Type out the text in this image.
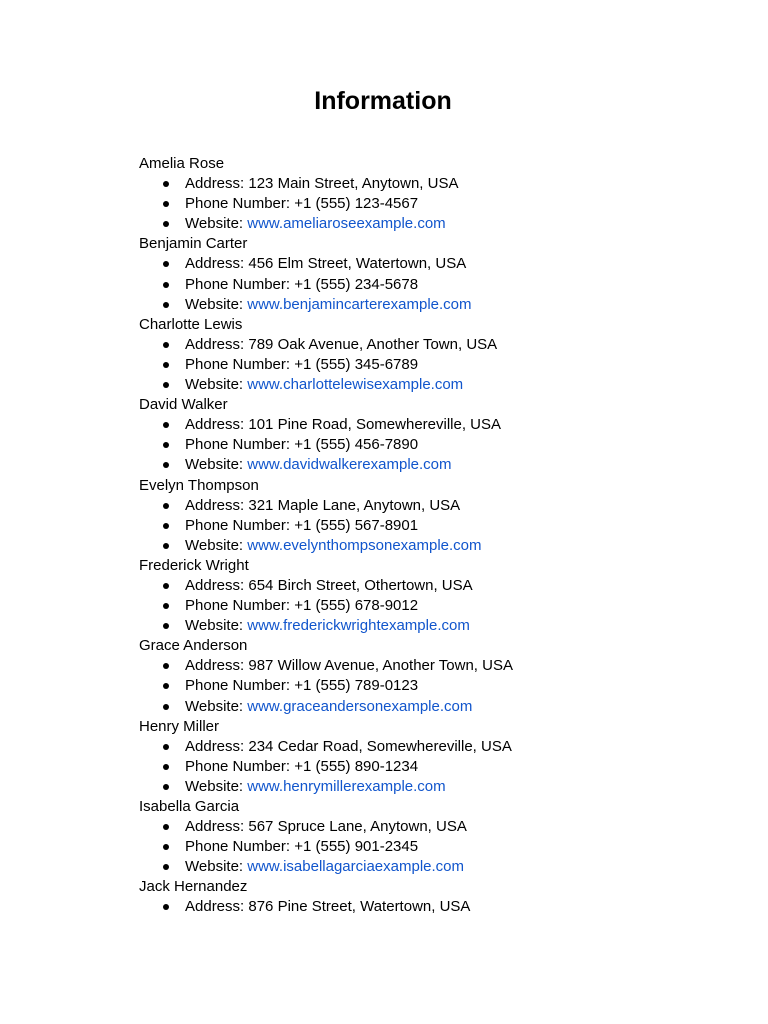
Information
Amelia Rose
Address: 123 Main Street, Anytown, USA
Phone Number: +1 (555) 123-4567
Website: www.ameliaroseexample.com
Benjamin Carter
Address: 456 Elm Street, Watertown, USA
Phone Number: +1 (555) 234-5678
Website: www.benjamincarterexample.com
Charlotte Lewis
Address: 789 Oak Avenue, Another Town, USA
Phone Number: +1 (555) 345-6789
Website: www.charlottelewisexample.com
David Walker
Address: 101 Pine Road, Somewhereville, USA
Phone Number: +1 (555) 456-7890
Website: www.davidwalkerexample.com
Evelyn Thompson
Address: 321 Maple Lane, Anytown, USA
Phone Number: +1 (555) 567-8901
Website: www.evelynthompsonexample.com
Frederick Wright
Address: 654 Birch Street, Othertown, USA
Phone Number: +1 (555) 678-9012
Website: www.frederickwrightexample.com
Grace Anderson
Address: 987 Willow Avenue, Another Town, USA
Phone Number: +1 (555) 789-0123
Website: www.graceandersonexample.com
Henry Miller
Address: 234 Cedar Road, Somewhereville, USA
Phone Number: +1 (555) 890-1234
Website: www.henrymillerexample.com
Isabella Garcia
Address: 567 Spruce Lane, Anytown, USA
Phone Number: +1 (555) 901-2345
Website: www.isabellagarciaexample.com
Jack Hernandez
Address: 876 Pine Street, Watertown, USA
